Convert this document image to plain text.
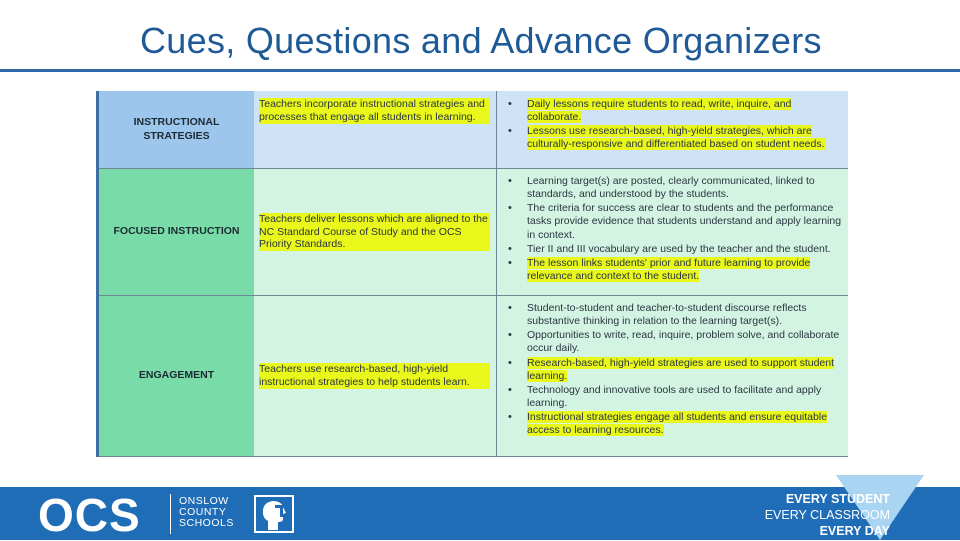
Cues, Questions and Advance Organizers
INSTRUCTIONAL STRATEGIES
Teachers incorporate instructional strategies and processes that engage all students in learning.
• Daily lessons require students to read, write, inquire, and collaborate.
• Lessons use research-based, high-yield strategies, which are culturally-responsive and differentiated based on student needs.
FOCUSED INSTRUCTION
Teachers deliver lessons which are aligned to the NC Standard Course of Study and the OCS Priority Standards.
• Learning target(s) are posted, clearly communicated, linked to standards, and understood by the students.
• The criteria for success are clear to students and the performance tasks provide evidence that students understand and apply learning in context.
• Tier II and III vocabulary are used by the teacher and the student.
• The lesson links students' prior and future learning to provide relevance and context to the student.
ENGAGEMENT
Teachers use research-based, high-yield instructional strategies to help students learn.
• Student-to-student and teacher-to-student discourse reflects substantive thinking in relation to the learning target(s).
• Opportunities to write, read, inquire, problem solve, and collaborate occur daily.
• Research-based, high-yield strategies are used to support student learning.
• Technology and innovative tools are used to facilitate and apply learning.
• Instructional strategies engage all students and ensure equitable access to learning resources.
OCS	ONSLOW
COUNTY
SCHOOLS
EVERY STUDENT
EVERY CLASSROOM
EVERY DAY
